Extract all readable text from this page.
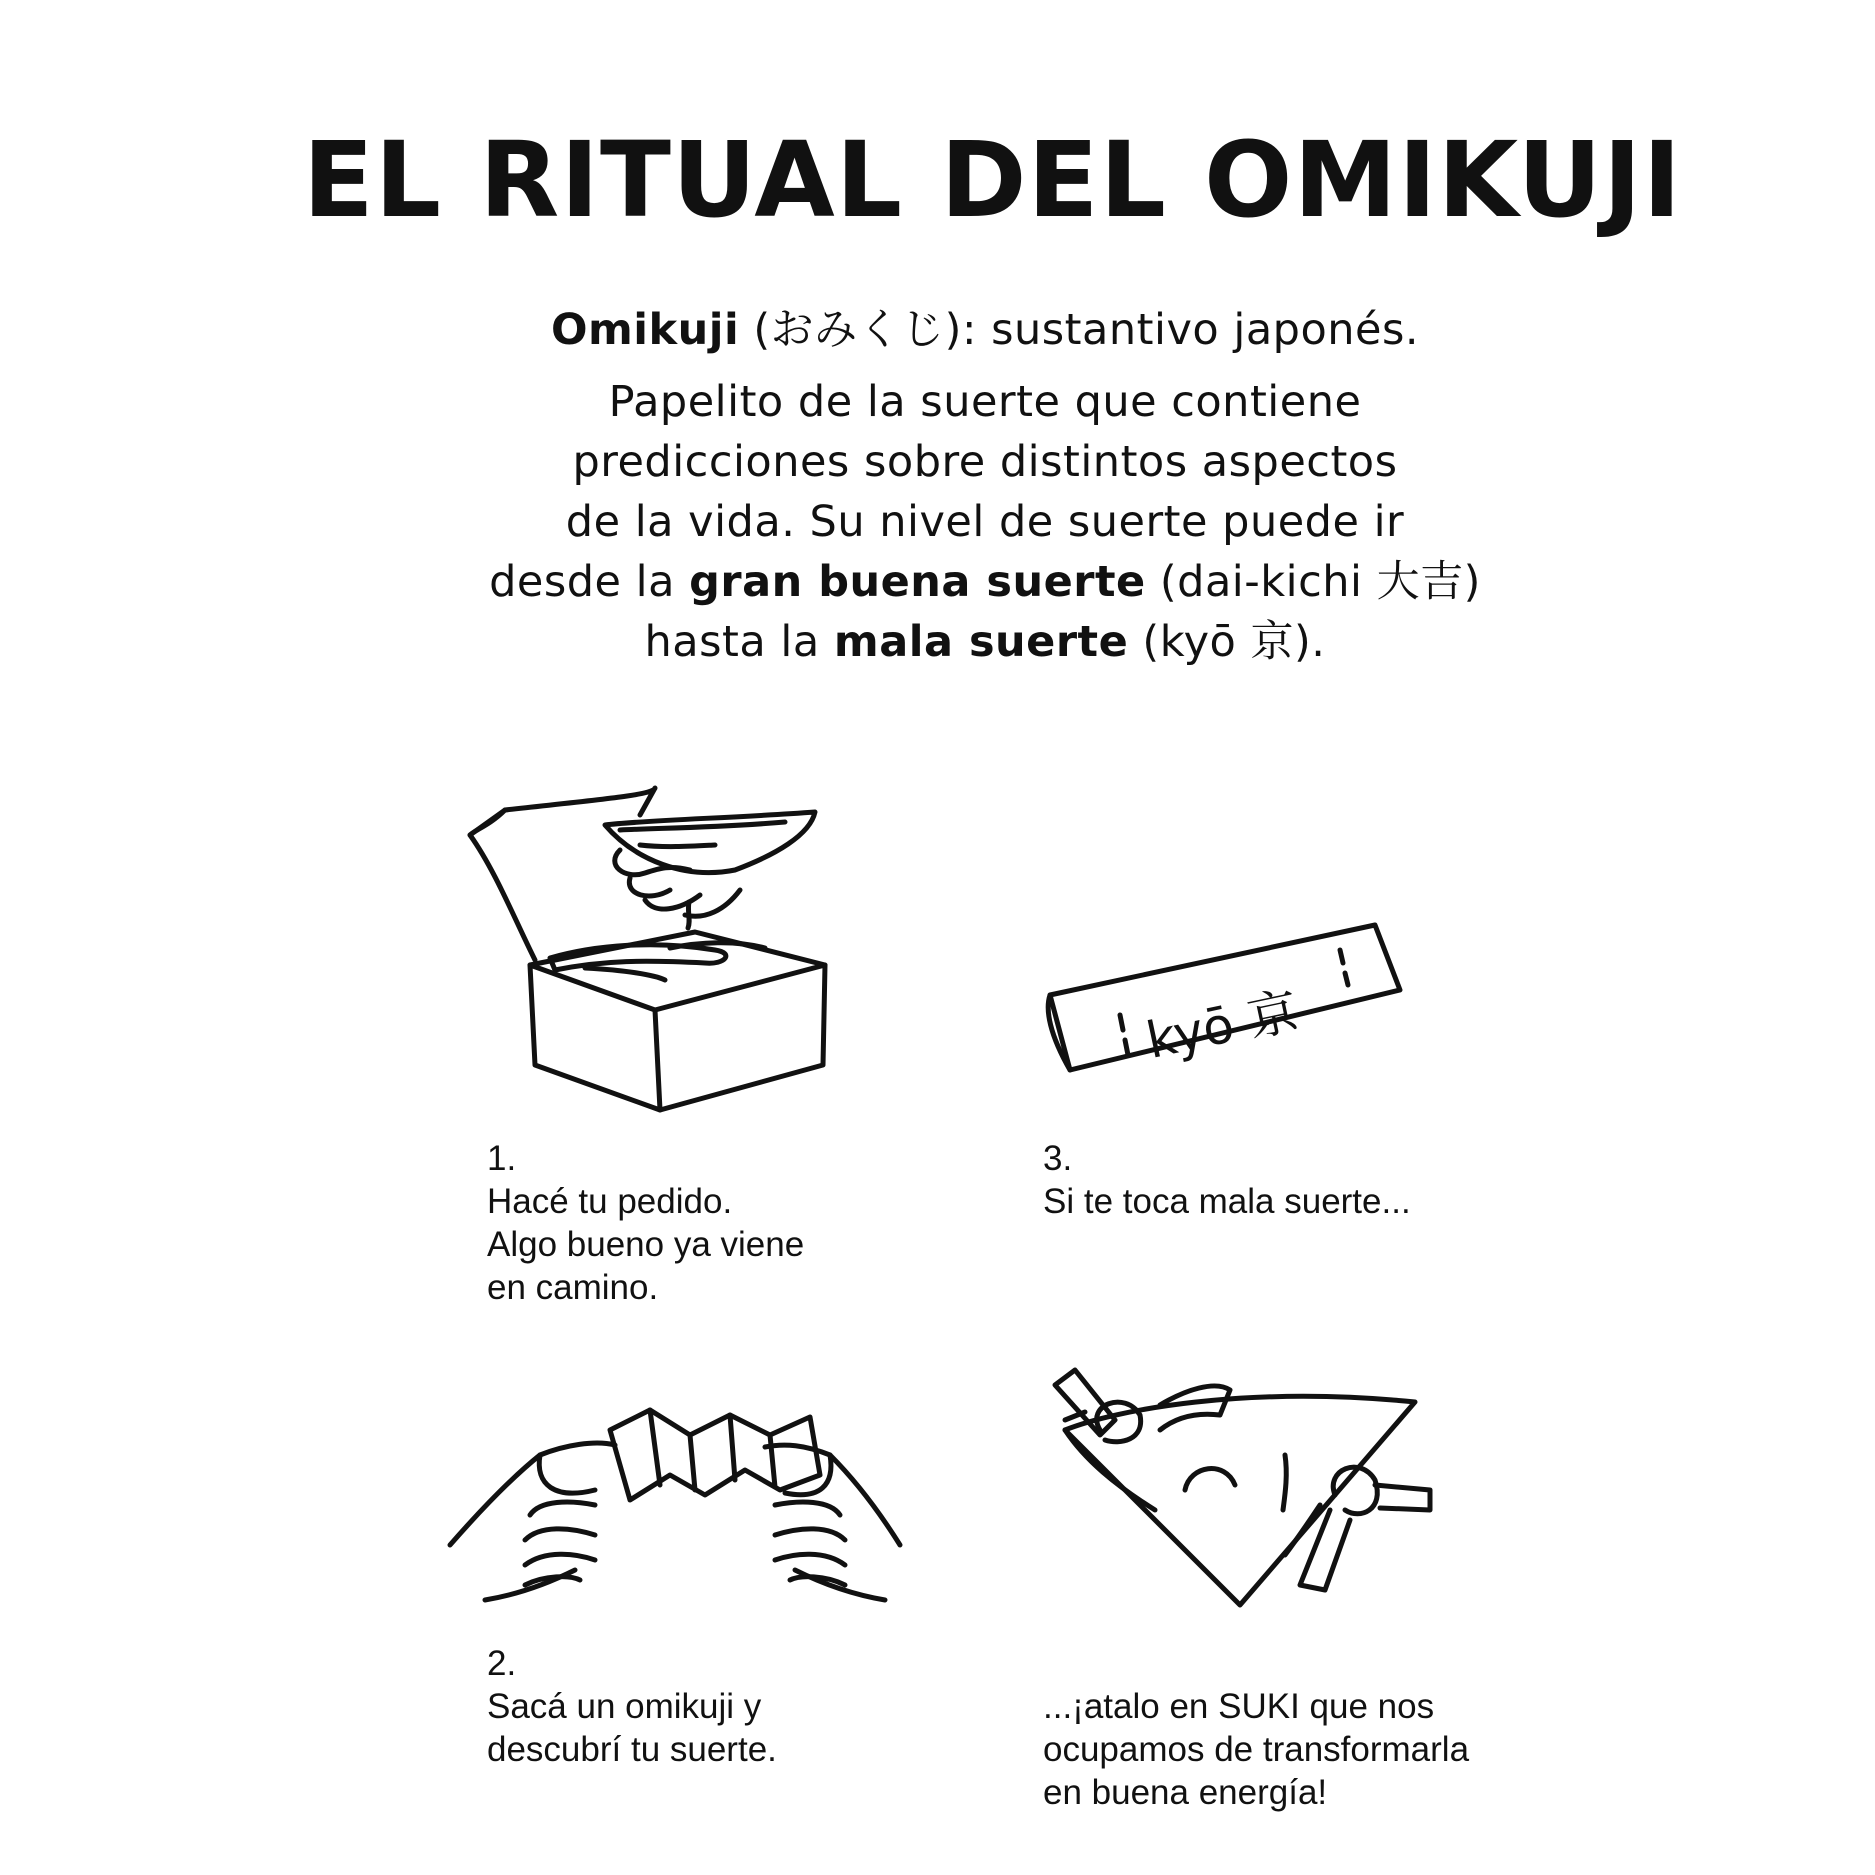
EL RITUAL DEL OMIKUJI
Omikuji (おみくじ): sustantivo japonés.
Papelito de la suerte que contiene
predicciones sobre distintos aspectos
de la vida. Su nivel de suerte puede ir
desde la gran buena suerte (dai-kichi 大吉)
hasta la mala suerte (kyō 京).
kyō 京
1.
Hacé tu pedido.
Algo bueno ya viene
en camino.
2.
Sacá un omikuji y
descubrí tu suerte.
3.
Si te toca mala suerte...
...¡atalo en SUKI que nos
ocupamos de transformarla
en buena energía!
